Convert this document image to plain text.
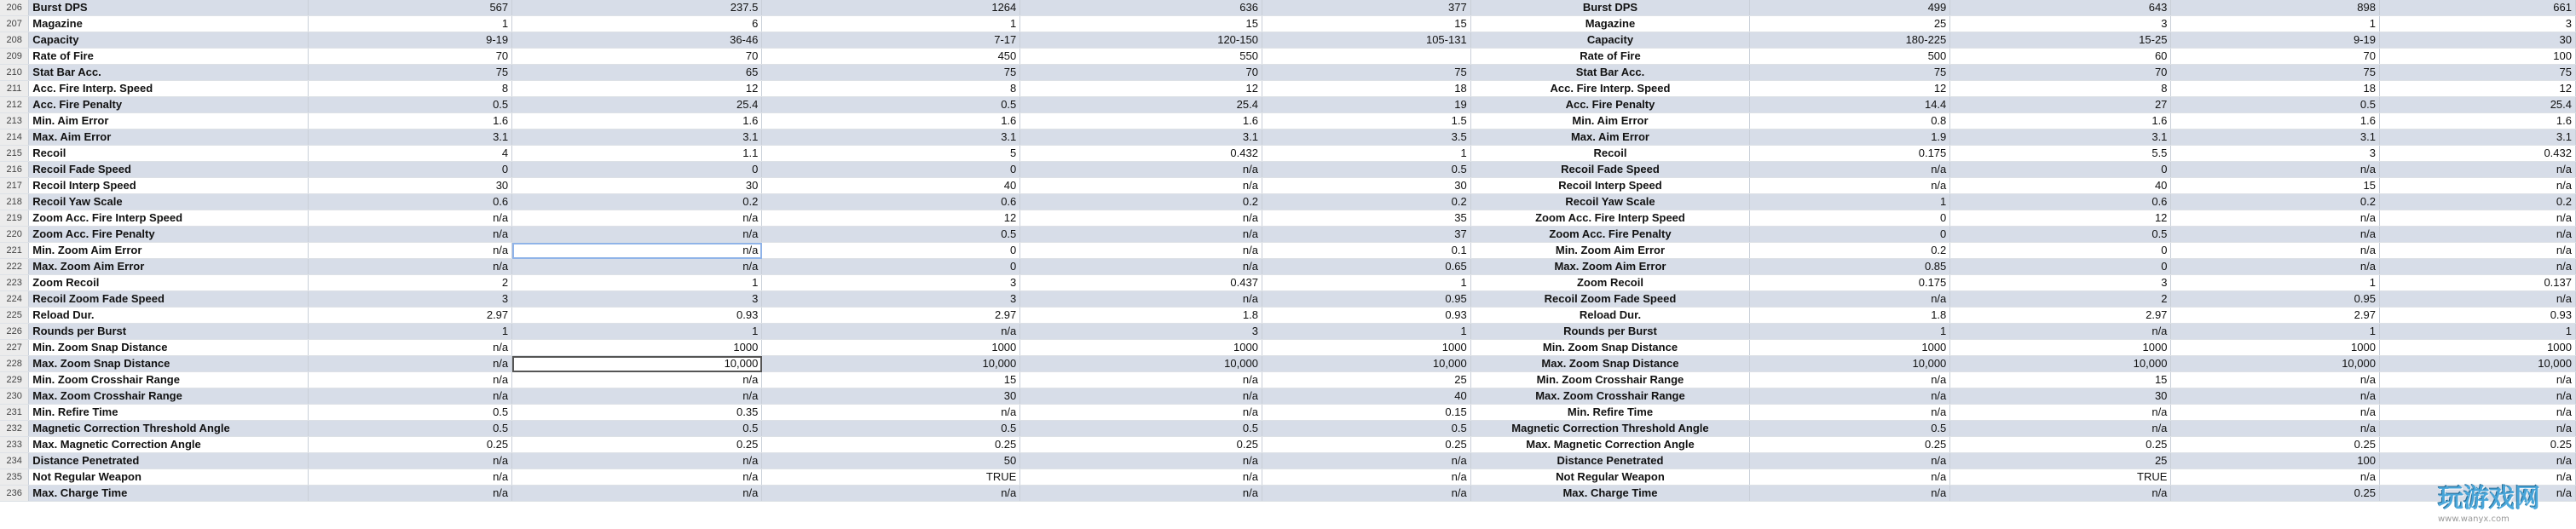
206	Burst DPS	567	237.5	1264	636	377	Burst DPS	499	643	898	661
207	Magazine	1	6	1	15	15	Magazine	25	3	1	3
208	Capacity	9-19	36-46	7-17	120-150	105-131	Capacity	180-225	15-25	9-19	30
209	Rate of Fire	70	70	450	550		Rate of Fire	500	60	70	100
210	Stat Bar Acc.	75	65	75	70	75	Stat Bar Acc.	75	70	75	75
211	Acc. Fire Interp. Speed	8	12	8	12	18	Acc. Fire Interp. Speed	12	8	18	12
212	Acc. Fire Penalty	0.5	25.4	0.5	25.4	19	Acc. Fire Penalty	14.4	27	0.5	25.4
213	Min. Aim Error	1.6	1.6	1.6	1.6	1.5	Min. Aim Error	0.8	1.6	1.6	1.6
214	Max. Aim Error	3.1	3.1	3.1	3.1	3.5	Max. Aim Error	1.9	3.1	3.1	3.1
215	Recoil	4	1.1	5	0.432	1	Recoil	0.175	5.5	3	0.432
216	Recoil Fade Speed	0	0	0	n/a	0.5	Recoil Fade Speed	n/a	0	n/a	n/a
217	Recoil Interp Speed	30	30	40	n/a	30	Recoil Interp Speed	n/a	40	15	n/a
218	Recoil Yaw Scale	0.6	0.2	0.6	0.2	0.2	Recoil Yaw Scale	1	0.6	0.2	0.2
219	Zoom Acc. Fire Interp Speed	n/a	n/a	12	n/a	35	Zoom Acc. Fire Interp Speed	0	12	n/a	n/a
220	Zoom Acc. Fire Penalty	n/a	n/a	0.5	n/a	37	Zoom Acc. Fire Penalty	0	0.5	n/a	n/a
221	Min. Zoom Aim Error	n/a	n/a	0	n/a	0.1	Min. Zoom Aim Error	0.2	0	n/a	n/a
222	Max. Zoom Aim Error	n/a	n/a	0	n/a	0.65	Max. Zoom Aim Error	0.85	0	n/a	n/a
223	Zoom Recoil	2	1	3	0.437	1	Zoom Recoil	0.175	3	1	0.137
224	Recoil Zoom Fade Speed	3	3	3	n/a	0.95	Recoil Zoom Fade Speed	n/a	2	0.95	n/a
225	Reload Dur.	2.97	0.93	2.97	1.8	0.93	Reload Dur.	1.8	2.97	2.97	0.93
226	Rounds per Burst	1	1	n/a	3	1	Rounds per Burst	1	n/a	1	1
227	Min. Zoom Snap Distance	n/a	1000	1000	1000	1000	Min. Zoom Snap Distance	1000	1000	1000	1000
228	Max. Zoom Snap Distance	n/a	10,000	10,000	10,000	10,000	Max. Zoom Snap Distance	10,000	10,000	10,000	10,000
229	Min. Zoom Crosshair Range	n/a	n/a	15	n/a	25	Min. Zoom Crosshair Range	n/a	15	n/a	n/a
230	Max. Zoom Crosshair Range	n/a	n/a	30	n/a	40	Max. Zoom Crosshair Range	n/a	30	n/a	n/a
231	Min. Refire Time	0.5	0.35	n/a	n/a	0.15	Min. Refire Time	n/a	n/a	n/a	n/a
232	Magnetic Correction Threshold Angle	0.5	0.5	0.5	0.5	0.5	Magnetic Correction Threshold Angle	0.5	n/a	n/a	n/a
233	Max. Magnetic Correction Angle	0.25	0.25	0.25	0.25	0.25	Max. Magnetic Correction Angle	0.25	0.25	0.25	0.25
234	Distance Penetrated	n/a	n/a	50	n/a	n/a	Distance Penetrated	n/a	25	100	n/a
235	Not Regular Weapon	n/a	n/a	TRUE	n/a	n/a	Not Regular Weapon	n/a	TRUE	n/a	n/a
236	Max. Charge Time	n/a	n/a	n/a	n/a	n/a	Max. Charge Time	n/a	n/a	0.25	n/a
玩游戏网
www.wanyx.com
